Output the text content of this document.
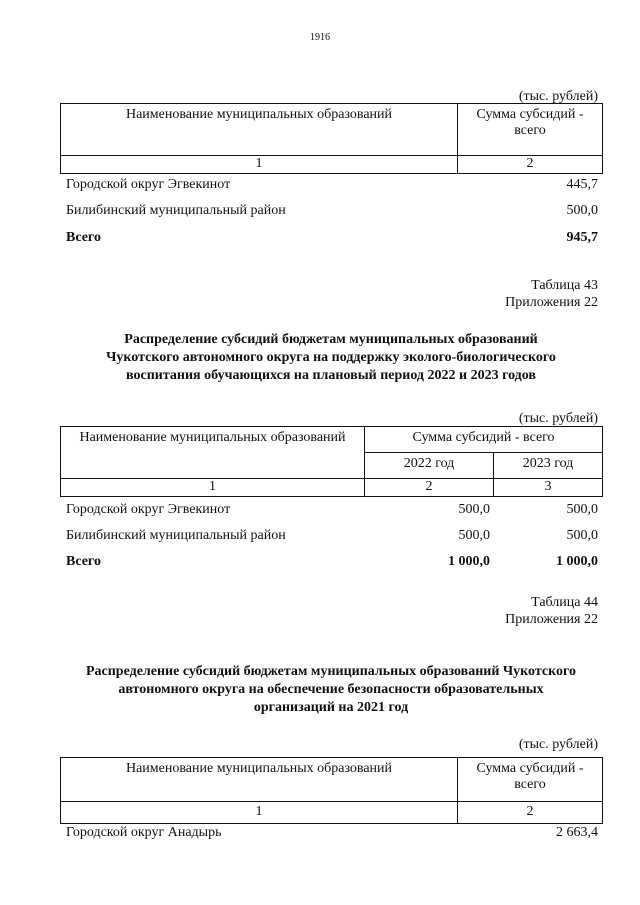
1916
(тыс. рублей)
Наименование муниципальных образований	Сумма субсидий - всего
1	2
Городской округ Эгвекинот	445,7
Билибинский муниципальный район	500,0
Всего	945,7
Таблица 43
Приложения 22
Распределение субсидий бюджетам муниципальных образований
Чукотского автономного округа на поддержку эколого-биологического
воспитания обучающихся на плановый период 2022 и 2023 годов
(тыс. рублей)
Наименование муниципальных образований	Сумма субсидий - всего	
	2022 год	2023 год
1	2	3
Городской округ Эгвекинот	500,0	500,0
Билибинский муниципальный район	500,0	500,0
Всего	1 000,0	1 000,0
Таблица 44
Приложения 22
Распределение субсидий бюджетам муниципальных образований Чукотского
автономного округа на обеспечение безопасности образовательных
организаций на 2021 год
(тыс. рублей)
Наименование муниципальных образований	Сумма субсидий - всего
1	2
Городской округ Анадырь	2 663,4
